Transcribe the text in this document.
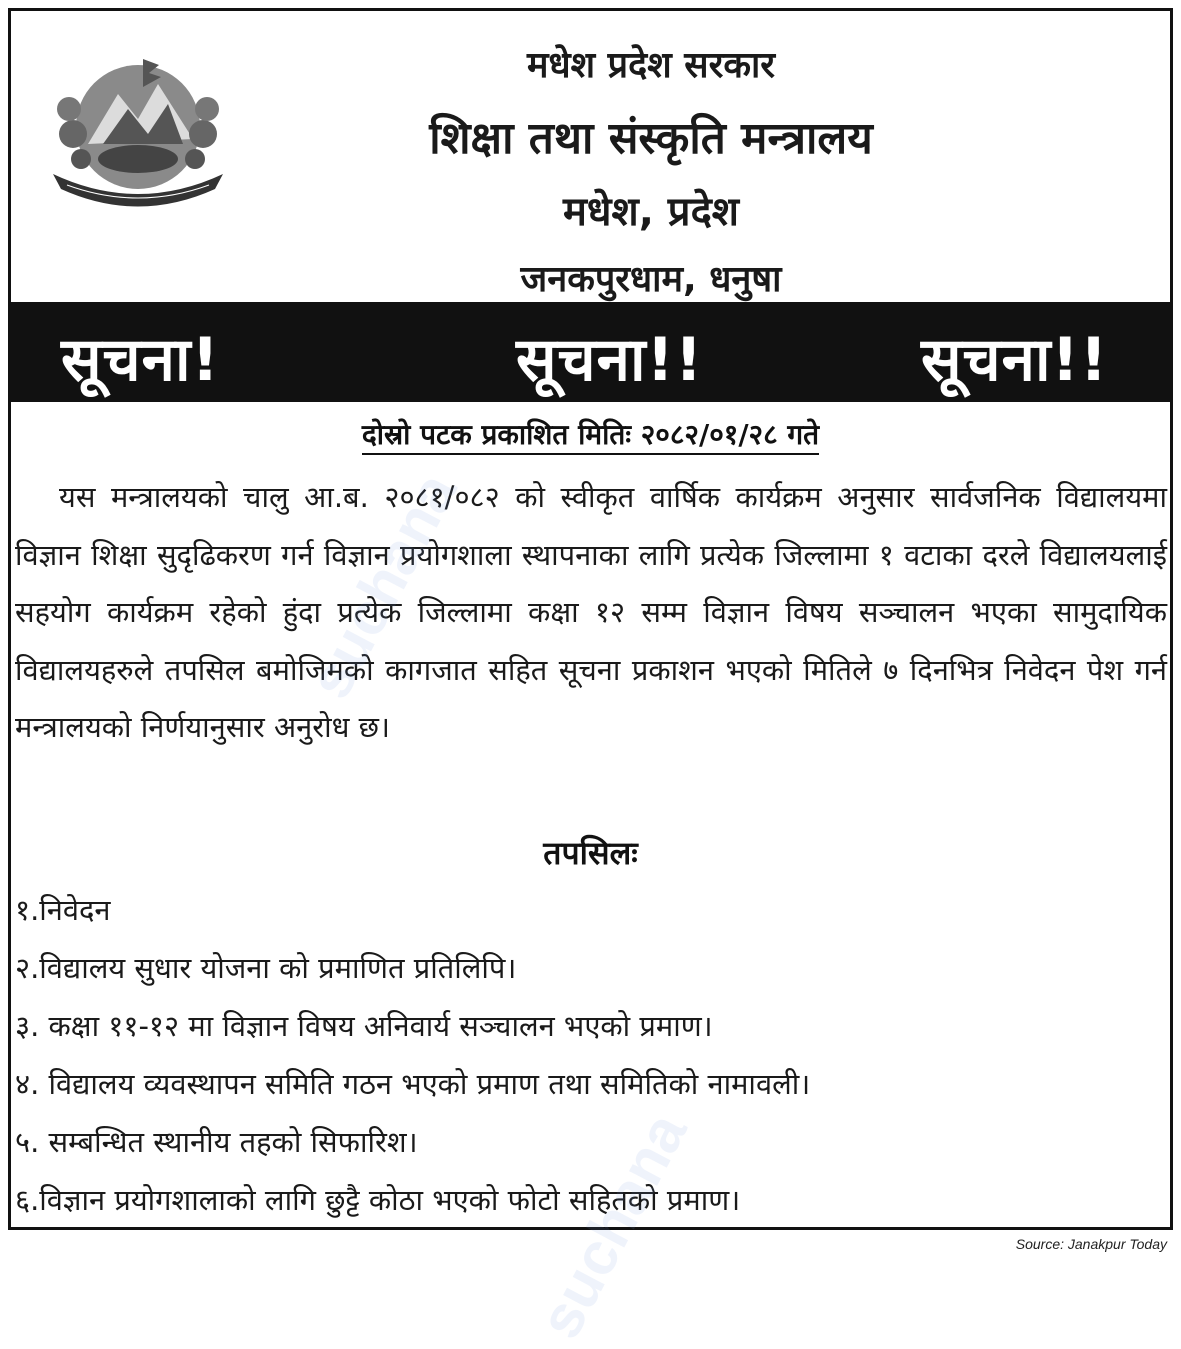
मधेश प्रदेश सरकार
शिक्षा तथा संस्कृति मन्त्रालय
मधेश, प्रदेश
जनकपुरधाम, धनुषा
सूचना!	सूचना!!	सूचना!!
दोस्रो पटक प्रकाशित मितिः २०८२/०१/२८ गते
यस मन्त्रालयको चालु आ.ब. २०८१/०८२ को स्वीकृत वार्षिक कार्यक्रम अनुसार सार्वजनिक विद्यालयमा विज्ञान शिक्षा सुदृढिकरण गर्न विज्ञान प्रयोगशाला स्थापनाका लागि प्रत्येक जिल्लामा १ वटाका दरले विद्यालयलाई सहयोग कार्यक्रम रहेको हुंदा प्रत्येक जिल्लामा कक्षा १२ सम्म विज्ञान विषय सञ्चालन भएका सामुदायिक विद्यालयहरुले तपसिल बमोजिमको कागजात सहित सूचना प्रकाशन भएको मितिले ७ दिनभित्र निवेदन पेश गर्न मन्त्रालयको निर्णयानुसार अनुरोध छ।
तपसिलः
१.निवेदन
२.विद्यालय सुधार योजना को प्रमाणित प्रतिलिपि।
३. कक्षा ११-१२ मा विज्ञान विषय अनिवार्य सञ्चालन भएको प्रमाण।
४. विद्यालय व्यवस्थापन समिति गठन भएको प्रमाण तथा समितिको नामावली।
५. सम्बन्धित स्थानीय तहको सिफारिश।
६.विज्ञान प्रयोगशालाको लागि छुट्टै कोठा भएको फोटो सहितको प्रमाण।
suchana
suchana	Source: Janakpur Today
